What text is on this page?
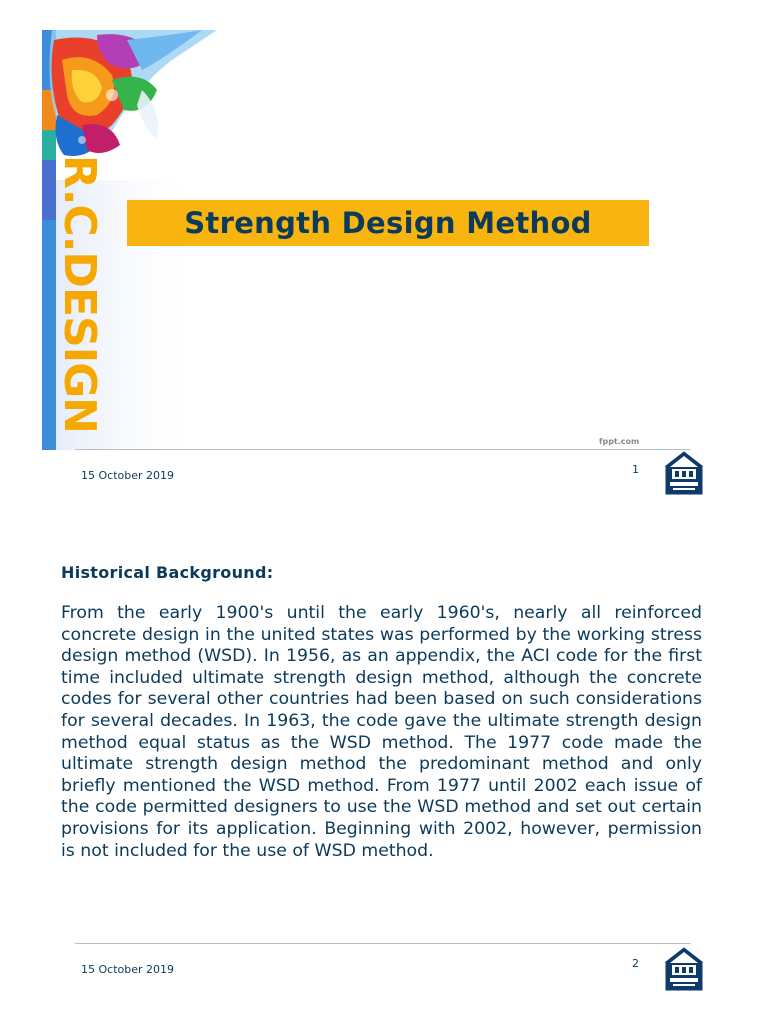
R.C.DESIGN
Strength Design Method
fppt.com
15 October 2019	1
Historical Background:

From the early 1900's until the early 1960's, nearly all reinforced concrete design in the united states was performed by the working stress design method (WSD). In 1956, as an appendix, the ACI code for the first time included ultimate strength design method, although the concrete codes for several other countries had been based on such considerations for several decades. In 1963, the code gave the ultimate strength design method equal status as the WSD method. The 1977 code made the ultimate strength design method the predominant method and only briefly mentioned the WSD method. From 1977 until 2002 each issue of the code permitted designers to use the WSD method and set out certain provisions for its application. Beginning with 2002, however, permission is not included for the use of WSD method.

15 October 2019	2
